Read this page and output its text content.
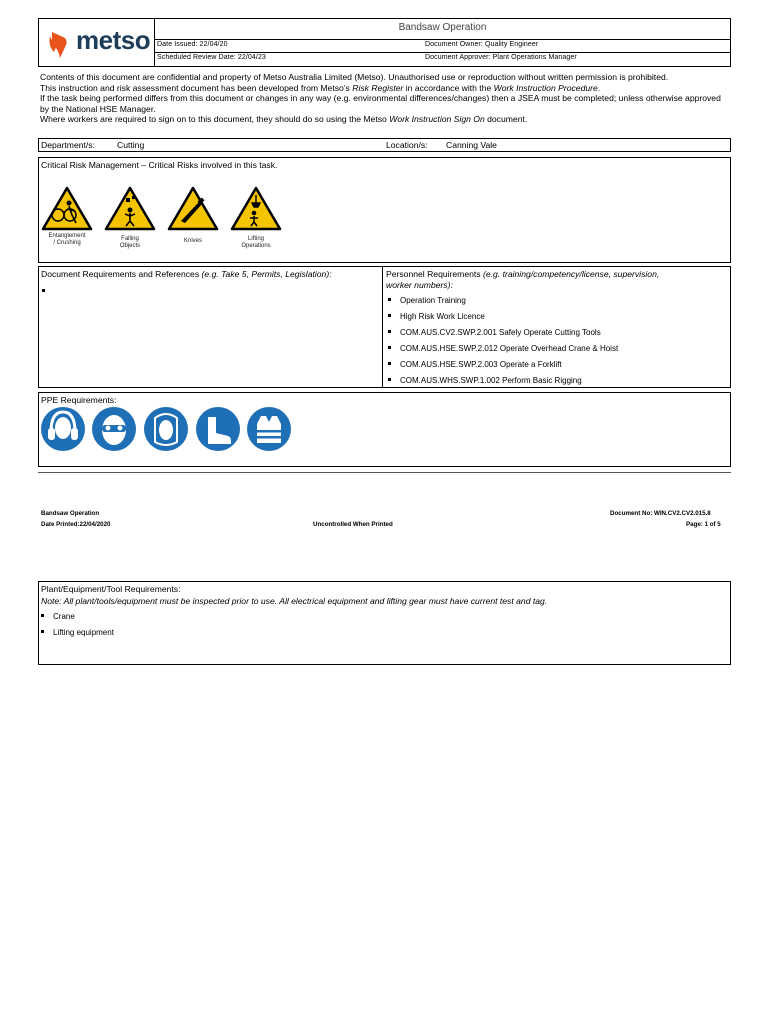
metso	Bandsaw Operation
Date Issued: 22/04/20	Document Owner: Quality Engineer
Scheduled Review Date: 22/04/23	Document Approver: Plant Operations Manager

Contents of this document are confidential and property of Metso Australia Limited (Metso). Unauthorised use or reproduction without written permission is prohibited.

This instruction and risk assessment document has been developed from Metso’s Risk Register in accordance with the Work Instruction Procedure.

If the task being performed differs from this document or changes in any way (e.g. environmental differences/changes) then a JSEA must be completed; unless otherwise approved by the National HSE Manager.

Where workers are required to sign on to this document, they should do so using the Metso Work Instruction Sign On document.

Department/s:	Cutting	Location/s: Canning Vale
Critical Risk Management – Critical Risks involved in this task.
Entanglement
/ Crushing
Falling
Objects
Knives	Lifting
Operations
Document Requirements and References (e.g. Take 5, Permits, Legislation):	Personnel Requirements (e.g. training/competency/license, supervision,
worker numbers):
Operation Training
High Risk Work Licence
COM.AUS.CV2.SWP.2.001 Safely Operate Cutting Tools
COM.AUS.HSE.SWP.2.012 Operate Overhead Crane & Hoist
COM.AUS.HSE.SWP.2.003 Operate a Forklift
COM.AUS.WHS.SWP.1.002 Perform Basic Rigging
PPE Requirements:
Bandsaw Operation
Date Printed:22/04/2020	Uncontrolled When Printed
Document No: WIN.CV2.CV2.015.8
Page: 1 of 5
Plant/Equipment/Tool Requirements:
Note: All plant/tools/equipment must be inspected prior to use. All electrical equipment and lifting gear must have current test and tag.
Crane
Lifting equipment
